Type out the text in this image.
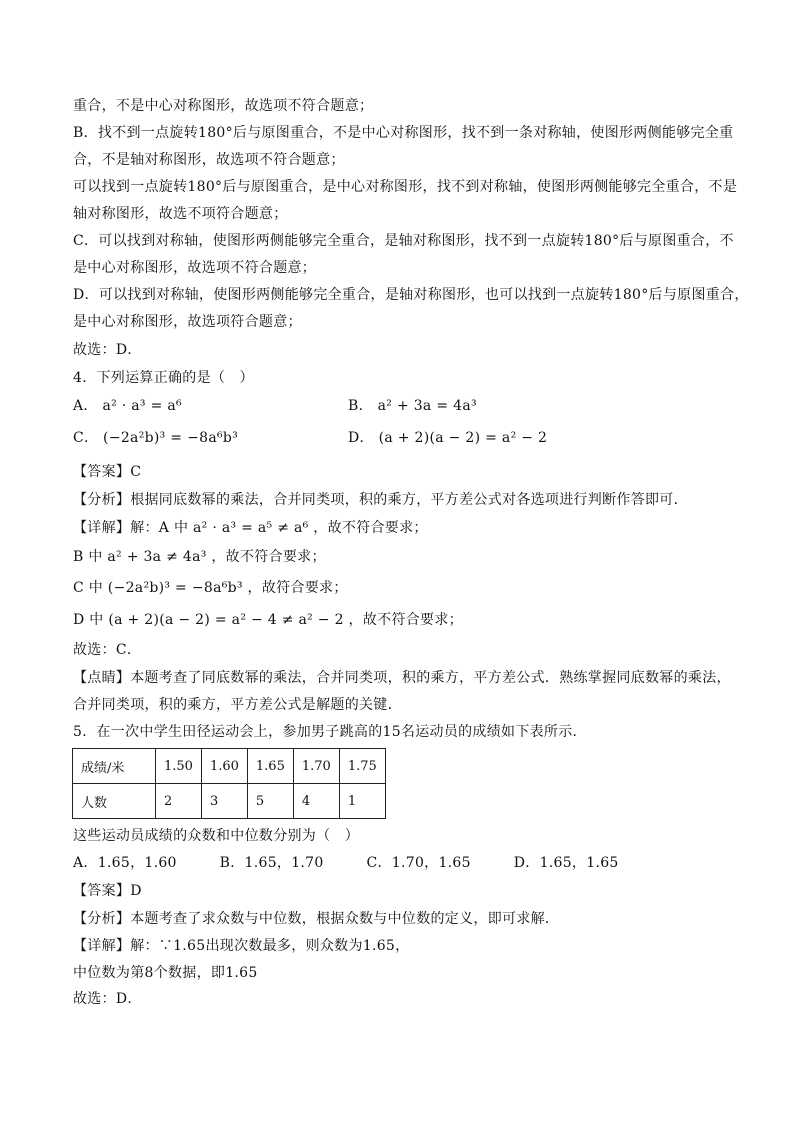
重合，不是中心对称图形，故选项不符合题意；
B．找不到一点旋转180°后与原图重合，不是中心对称图形，找不到一条对称轴，使图形两侧能够完全重
合，不是轴对称图形，故选项不符合题意；
可以找到一点旋转180°后与原图重合，是中心对称图形，找不到对称轴，使图形两侧能够完全重合，不是
轴对称图形，故选不项符合题意；
C．可以找到对称轴，使图形两侧能够完全重合，是轴对称图形，找不到一点旋转180°后与原图重合，不
是中心对称图形，故选项不符合题意；
D．可以找到对称轴，使图形两侧能够完全重合，是轴对称图形，也可以找到一点旋转180°后与原图重合，
是中心对称图形，故选项符合题意；
故选：D．
4．下列运算正确的是（　）
A． a² · a³ = a⁶	B． a² + 3a = 4a³
C． (−2a²b)³ = −8a⁶b³	D． (a + 2)(a − 2) = a² − 2
【答案】C
【分析】根据同底数幂的乘法，合并同类项，积的乘方，平方差公式对各选项进行判断作答即可．
【详解】解：A 中 a² · a³ = a⁵ ≠ a⁶ ，故不符合要求；
B 中 a² + 3a ≠ 4a³ ，故不符合要求；
C 中 (−2a²b)³ = −8a⁶b³ ，故符合要求；
D 中 (a + 2)(a − 2) = a² − 4 ≠ a² − 2 ，故不符合要求；
故选：C．
【点睛】本题考查了同底数幂的乘法，合并同类项，积的乘方，平方差公式．熟练掌握同底数幂的乘法，
合并同类项，积的乘方，平方差公式是解题的关键．
5．在一次中学生田径运动会上，参加男子跳高的15名运动员的成绩如下表所示．
成绩/米	1.50	1.60	1.65	1.70	1.75
人数	2	3	5	4	1
这些运动员成绩的众数和中位数分别为（　）
A．1.65，1.60　　　B．1.65，1.70　　　C．1.70，1.65　　　D．1.65，1.65
【答案】D
【分析】本题考查了求众数与中位数，根据众数与中位数的定义，即可求解．
【详解】解：∵1.65出现次数最多，则众数为1.65，
中位数为第8个数据，即1.65
故选：D．
